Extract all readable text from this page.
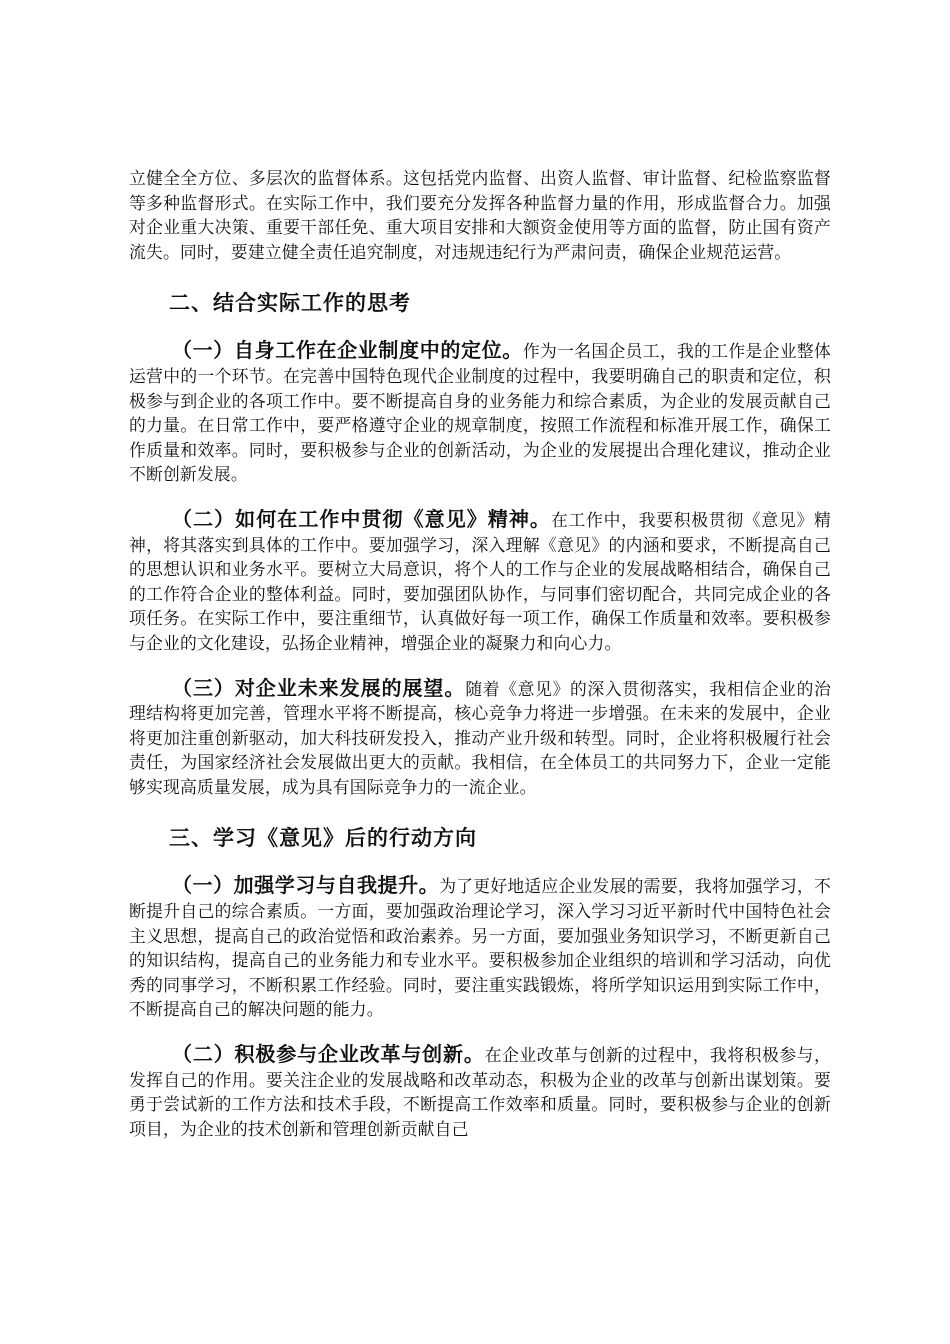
立健全全方位、多层次的监督体系。这包括党内监督、出资人监督、审计监督、纪检监察监督等多种监督形式。在实际工作中，我们要充分发挥各种监督力量的作用，形成监督合力。加强对企业重大决策、重要干部任免、重大项目安排和大额资金使用等方面的监督，防止国有资产流失。同时，要建立健全责任追究制度，对违规违纪行为严肃问责，确保企业规范运营。

二、结合实际工作的思考

（一）自身工作在企业制度中的定位。作为一名国企员工，我的工作是企业整体运营中的一个环节。在完善中国特色现代企业制度的过程中，我要明确自己的职责和定位，积极参与到企业的各项工作中。要不断提高自身的业务能力和综合素质，为企业的发展贡献自己的力量。在日常工作中，要严格遵守企业的规章制度，按照工作流程和标准开展工作，确保工作质量和效率。同时，要积极参与企业的创新活动，为企业的发展提出合理化建议，推动企业不断创新发展。

（二）如何在工作中贯彻《意见》精神。在工作中，我要积极贯彻《意见》精神，将其落实到具体的工作中。要加强学习，深入理解《意见》的内涵和要求，不断提高自己的思想认识和业务水平。要树立大局意识，将个人的工作与企业的发展战略相结合，确保自己的工作符合企业的整体利益。同时，要加强团队协作，与同事们密切配合，共同完成企业的各项任务。在实际工作中，要注重细节，认真做好每一项工作，确保工作质量和效率。要积极参与企业的文化建设，弘扬企业精神，增强企业的凝聚力和向心力。

（三）对企业未来发展的展望。随着《意见》的深入贯彻落实，我相信企业的治理结构将更加完善，管理水平将不断提高，核心竞争力将进一步增强。在未来的发展中，企业将更加注重创新驱动，加大科技研发投入，推动产业升级和转型。同时，企业将积极履行社会责任，为国家经济社会发展做出更大的贡献。我相信，在全体员工的共同努力下，企业一定能够实现高质量发展，成为具有国际竞争力的一流企业。

三、学习《意见》后的行动方向

（一）加强学习与自我提升。为了更好地适应企业发展的需要，我将加强学习，不断提升自己的综合素质。一方面，要加强政治理论学习，深入学习习近平新时代中国特色社会主义思想，提高自己的政治觉悟和政治素养。另一方面，要加强业务知识学习，不断更新自己的知识结构，提高自己的业务能力和专业水平。要积极参加企业组织的培训和学习活动，向优秀的同事学习，不断积累工作经验。同时，要注重实践锻炼，将所学知识运用到实际工作中，不断提高自己的解决问题的能力。

（二）积极参与企业改革与创新。在企业改革与创新的过程中，我将积极参与，发挥自己的作用。要关注企业的发展战略和改革动态，积极为企业的改革与创新出谋划策。要勇于尝试新的工作方法和技术手段，不断提高工作效率和质量。同时，要积极参与企业的创新项目，为企业的技术创新和管理创新贡献自己
